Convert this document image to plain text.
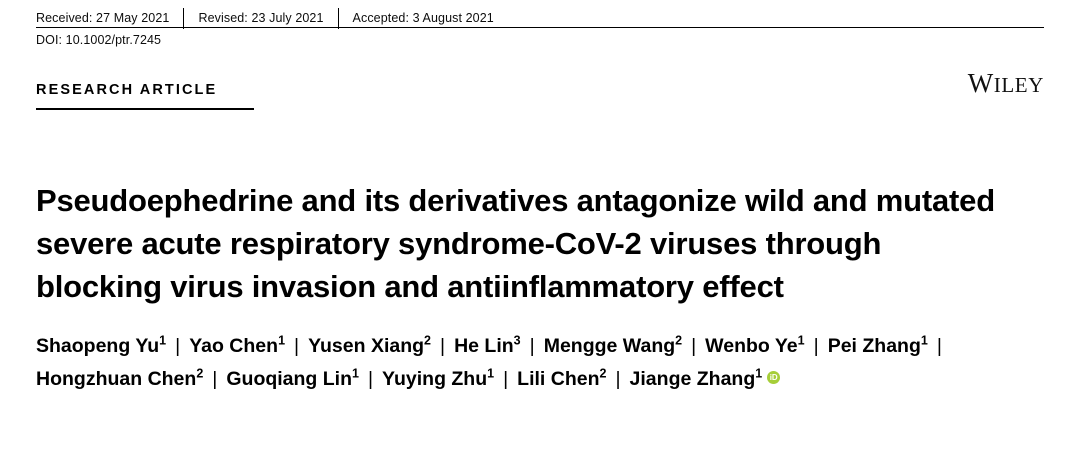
Received: 27 May 2021	Revised: 23 July 2021	Accepted: 3 August 2021
DOI: 10.1002/ptr.7245
RESEARCH ARTICLE	WILEY
Pseudoephedrine and its derivatives antagonize wild and mutated severe acute respiratory syndrome-CoV-2 viruses through blocking virus invasion and antiinflammatory effect
Shaopeng Yu$^1$ | Yao Chen$^1$ | Yusen Xiang$^2$ | He Lin$^3$ | Mengge Wang$^2$ | Wenbo Ye$^1$ | Pei Zhang$^1$ |Hongzhuan Chen$^2$ | Guoqiang Lin$^1$ | Yuying Zhu$^1$ | Lili Chen$^2$ | Jiange Zhang$^1$iD
